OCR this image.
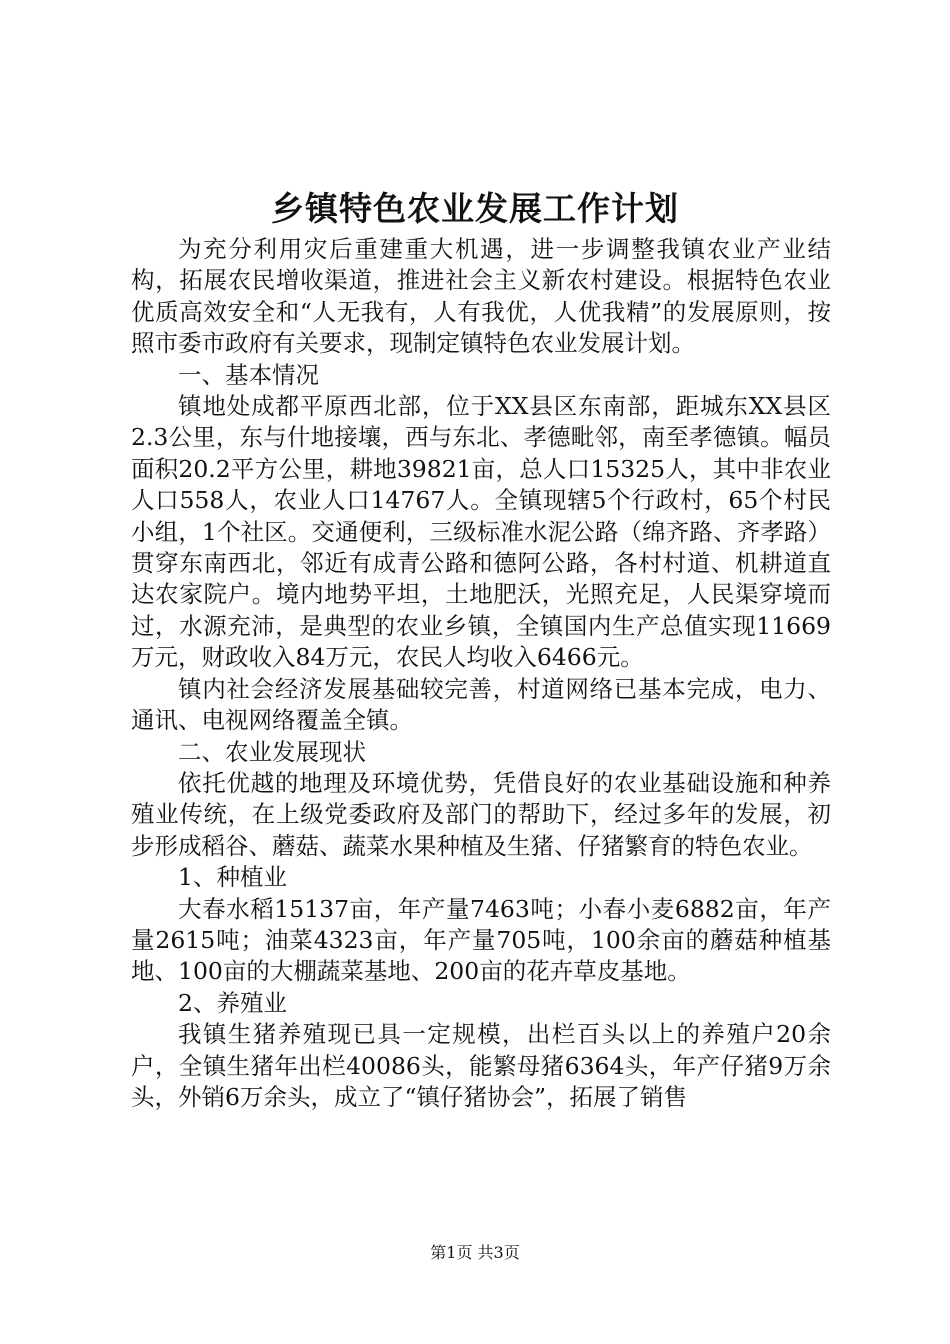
乡镇特色农业发展工作计划

为充分利用灾后重建重大机遇，进一步调整我镇农业产业结构，拓展农民增收渠道，推进社会主义新农村建设。根据特色农业优质高效安全和“人无我有，人有我优，人优我精”的发展原则，按照市委市政府有关要求，现制定镇特色农业发展计划。

一、基本情况

镇地处成都平原西北部，位于XX县区东南部，距城东XX县区2.3公里，东与什地接壤，西与东北、孝德毗邻，南至孝德镇。幅员面积20.2平方公里，耕地39821亩，总人口15325人，其中非农业人口558人，农业人口14767人。全镇现辖5个行政村，65个村民小组，1个社区。交通便利，三级标准水泥公路（绵齐路、齐孝路）贯穿东南西北，邻近有成青公路和德阿公路，各村村道、机耕道直达农家院户。境内地势平坦，土地肥沃，光照充足，人民渠穿境而过，水源充沛，是典型的农业乡镇，全镇国内生产总值实现11669万元，财政收入84万元，农民人均收入6466元。

镇内社会经济发展基础较完善，村道网络已基本完成，电力、通讯、电视网络覆盖全镇。

二、农业发展现状

依托优越的地理及环境优势，凭借良好的农业基础设施和种养殖业传统，在上级党委政府及部门的帮助下，经过多年的发展，初步形成稻谷、蘑菇、蔬菜水果种植及生猪、仔猪繁育的特色农业。

1、种植业

大春水稻15137亩，年产量7463吨；小春小麦6882亩，年产量2615吨；油菜4323亩，年产量705吨，100余亩的蘑菇种植基地、100亩的大棚蔬菜基地、200亩的花卉草皮基地。

2、养殖业

我镇生猪养殖现已具一定规模，出栏百头以上的养殖户20余户，全镇生猪年出栏40086头，能繁母猪6364头，年产仔猪9万余头，外销6万余头，成立了“镇仔猪协会”，拓展了销售

第1页 共3页
